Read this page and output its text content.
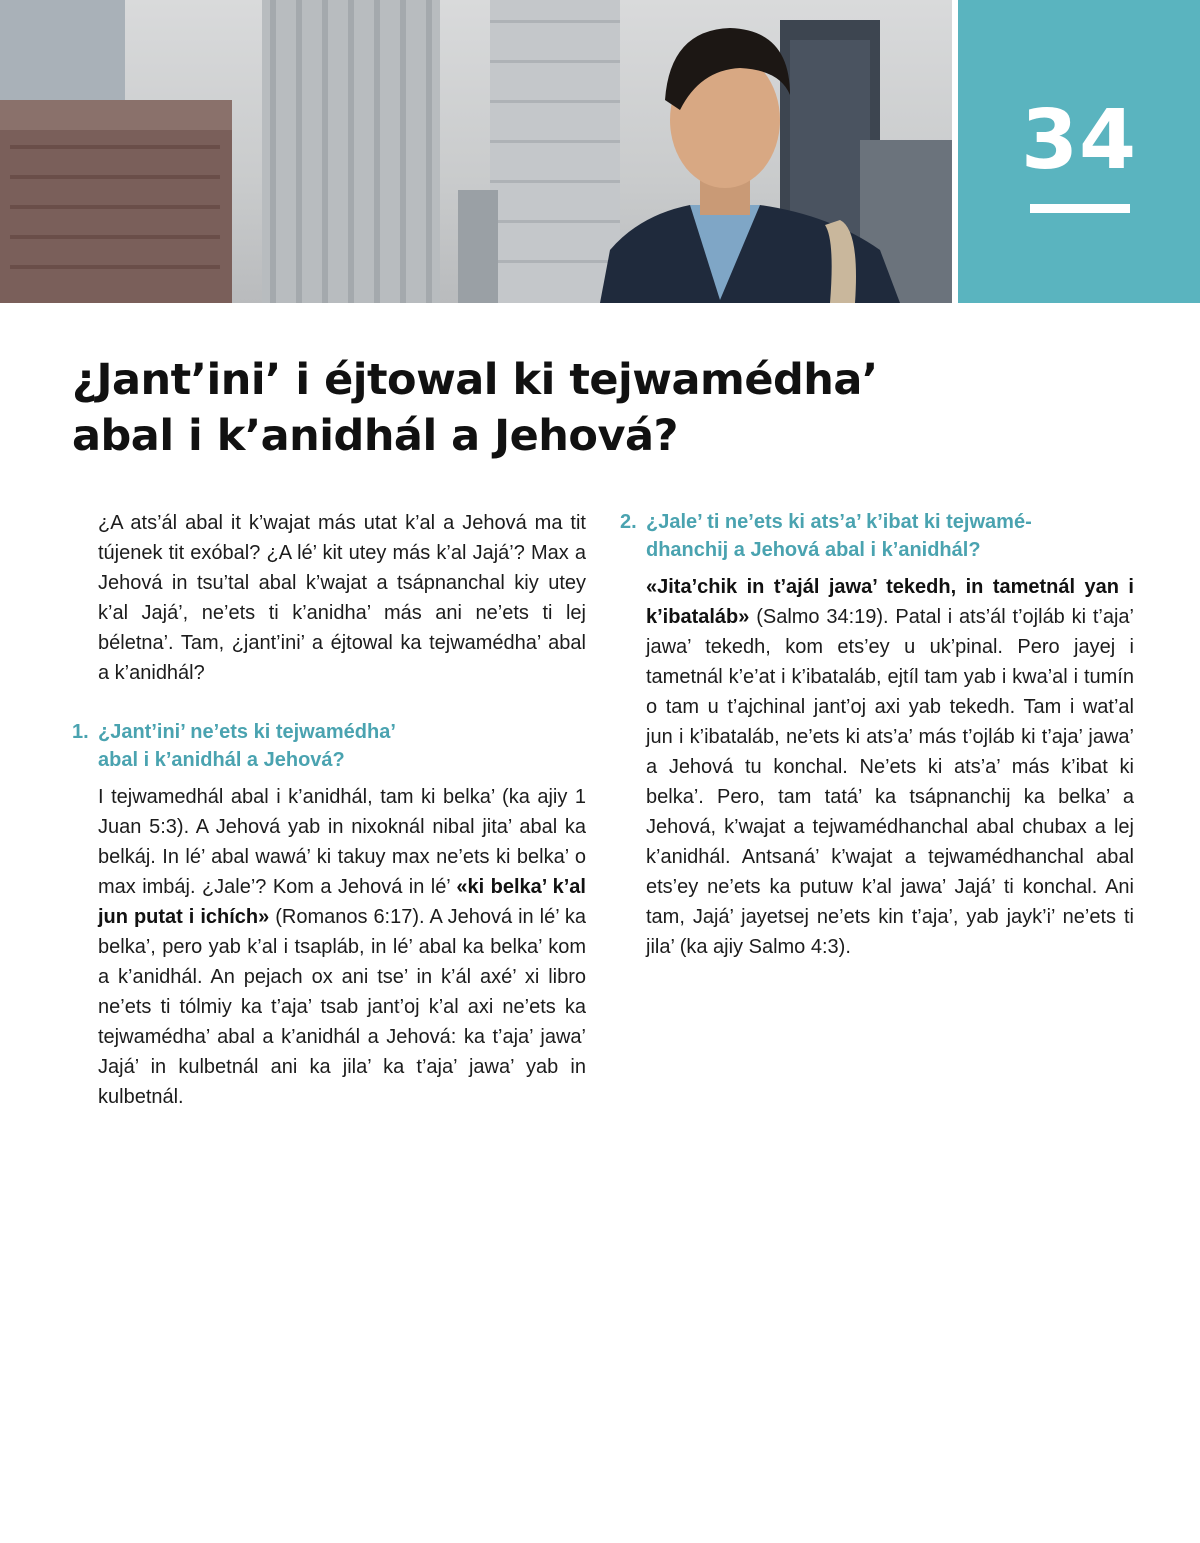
34
¿Jant’ini’ i éjtowal ki tejwamédha’
abal i k’anidhál a Jehová?

¿A ats’ál abal it k’wajat más utat k’al a Jehová ma tit tújenek tit exóbal? ¿A lé’ kit utey más k’al Jajá’? Max a Jehová in tsu’tal abal k’wajat a tsápnanchal kiy utey k’al Jajá’, ne’ets ti k’anidha’ más ani ne’ets ti lej béletna’. Tam, ¿jant’ini’ a éjtowal ka tejwamédha’ abal a k’anidhál?

1. ¿Jant’ini’ ne’ets ki tejwamédha’
abal i k’anidhál a Jehová?

I tejwamedhál abal i k’anidhál, tam ki belka’ (ka ajiy 1 Juan 5:3). A Jehová yab in nixoknál nibal jita’ abal ka belkáj. In lé’ abal wawá’ ki takuy max ne’ets ki belka’ o max imbáj. ¿Jale’? Kom a Jehová in lé’ «ki belka’ k’al jun putat i ichích» (Romanos 6:17). A Jehová in lé’ ka belka’, pero yab k’al i tsapláb, in lé’ abal ka belka’ kom a k’anidhál. An pejach ox ani tse’ in k’ál axé’ xi libro ne’ets ti tólmiy ka t’aja’ tsab jant’oj k’al axi ne’ets ka tejwamédha’ abal a k’anidhál a Jehová: ka t’aja’ jawa’ Jajá’ in kulbetnál ani ka jila’ ka t’aja’ jawa’ yab in kulbetnál.

2. ¿Jale’ ti ne’ets ki ats’a’ k’ibat ki tejwamé-
dhanchij a Jehová abal i k’anidhál?

«Jita’chik in t’ajál jawa’ tekedh, in tametnál yan i k’ibataláb» (Salmo 34:19). Patal i ats’ál t’ojláb ki t’aja’ jawa’ tekedh, kom ets’ey u uk’pinal. Pero jayej i tametnál k’e’at i k’ibataláb, ejtíl tam yab i kwa’al i tumín o tam u t’ajchinal jant’oj axi yab tekedh. Tam i wat’al jun i k’ibataláb, ne’ets ki ats’a’ más t’ojláb ki t’aja’ jawa’ a Jehová tu konchal. Ne’ets ki ats’a’ más k’ibat ki belka’. Pero, tam tatá’ ka tsápnanchij ka belka’ a Jehová, k’wajat a tejwamédhanchal abal chubax a lej k’anidhál. Antsaná’ k’wajat a tejwamédhanchal abal ets’ey ne’ets ka putuw k’al jawa’ Jajá’ ti konchal. Ani tam, Jajá’ jayetsej ne’ets kin t’aja’, yab jayk’i’ ne’ets ti jila’ (ka ajiy Salmo 4:3).
